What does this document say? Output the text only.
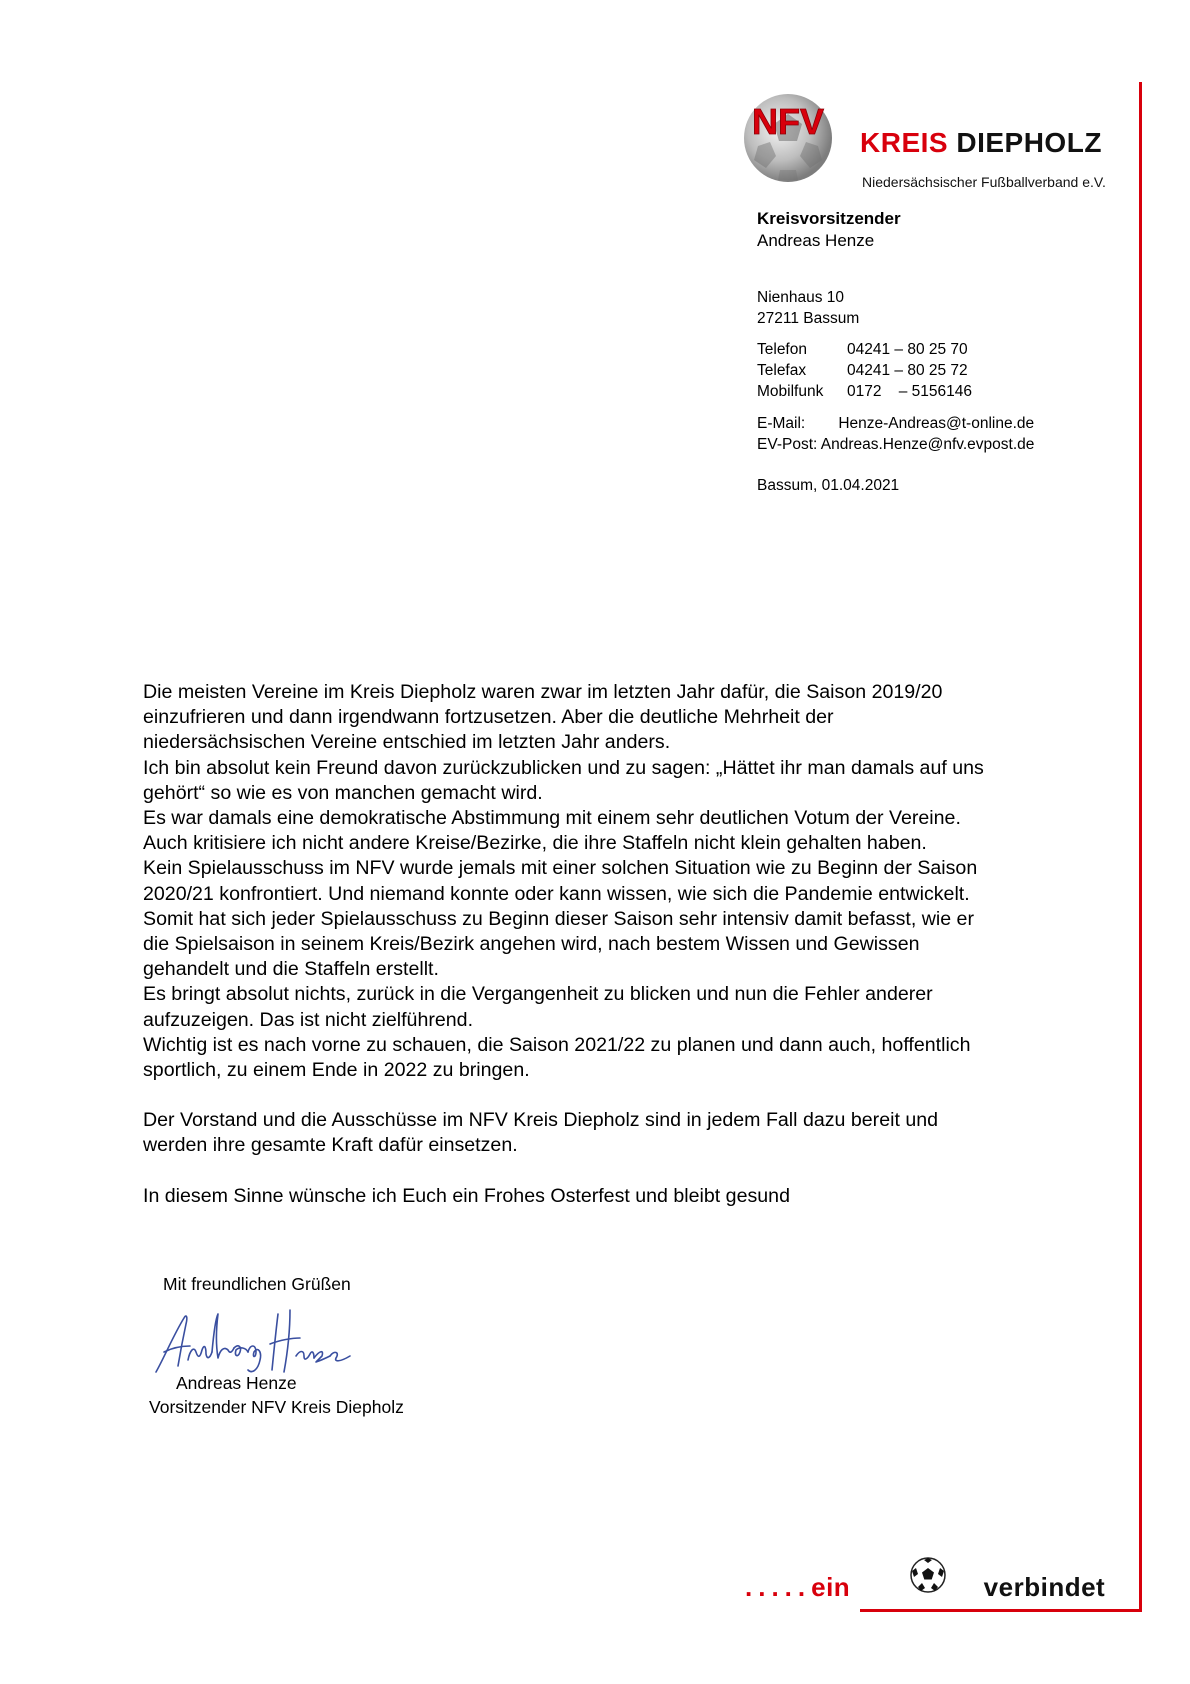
NFV
KREIS DIEPHOLZ
Niedersächsischer Fußballverband e.V.
Kreisvorsitzender
Andreas Henze
Nienhaus 10
27211 Bassum
Telefon	04241 – 80 25 70
Telefax	04241 – 80 25 72
Mobilfunk	0172    – 5156146
E-Mail: Henze-Andreas@t-online.de
EV-Post: Andreas.Henze@nfv.evpost.de
Bassum, 01.04.2021

Die meisten Vereine im Kreis Diepholz waren zwar im letzten Jahr dafür, die Saison 2019/20

einzufrieren und dann irgendwann fortzusetzen. Aber die deutliche Mehrheit der

niedersächsischen Vereine entschied im letzten Jahr anders.

Ich bin absolut kein Freund davon zurückzublicken und zu sagen: „Hättet ihr man damals auf uns

gehört“ so wie es von manchen gemacht wird.

Es war damals eine demokratische Abstimmung mit einem sehr deutlichen Votum der Vereine.

Auch kritisiere ich nicht andere Kreise/Bezirke, die ihre Staffeln nicht klein gehalten haben.

Kein Spielausschuss im NFV wurde jemals mit einer solchen Situation wie zu Beginn der Saison

2020/21 konfrontiert. Und niemand konnte oder kann wissen, wie sich die Pandemie entwickelt.

Somit hat sich jeder Spielausschuss zu Beginn dieser Saison sehr intensiv damit befasst, wie er

die Spielsaison in seinem Kreis/Bezirk angehen wird, nach bestem Wissen und Gewissen

gehandelt und die Staffeln erstellt.

Es bringt absolut nichts, zurück in die Vergangenheit zu blicken und nun die Fehler anderer

aufzuzeigen. Das ist nicht zielführend.

Wichtig ist es nach vorne zu schauen, die Saison 2021/22 zu planen und dann auch, hoffentlich

sportlich, zu einem Ende in 2022 zu bringen.

Der Vorstand und die Ausschüsse im NFV Kreis Diepholz sind in jedem Fall dazu bereit und

werden ihre gesamte Kraft dafür einsetzen.

In diesem Sinne wünsche ich Euch ein Frohes Osterfest und bleibt gesund

Mit freundlichen Grüßen
Andreas Henze
Andreas Henze
Vorsitzender NFV Kreis Diepholz
.....ein	verbindet
